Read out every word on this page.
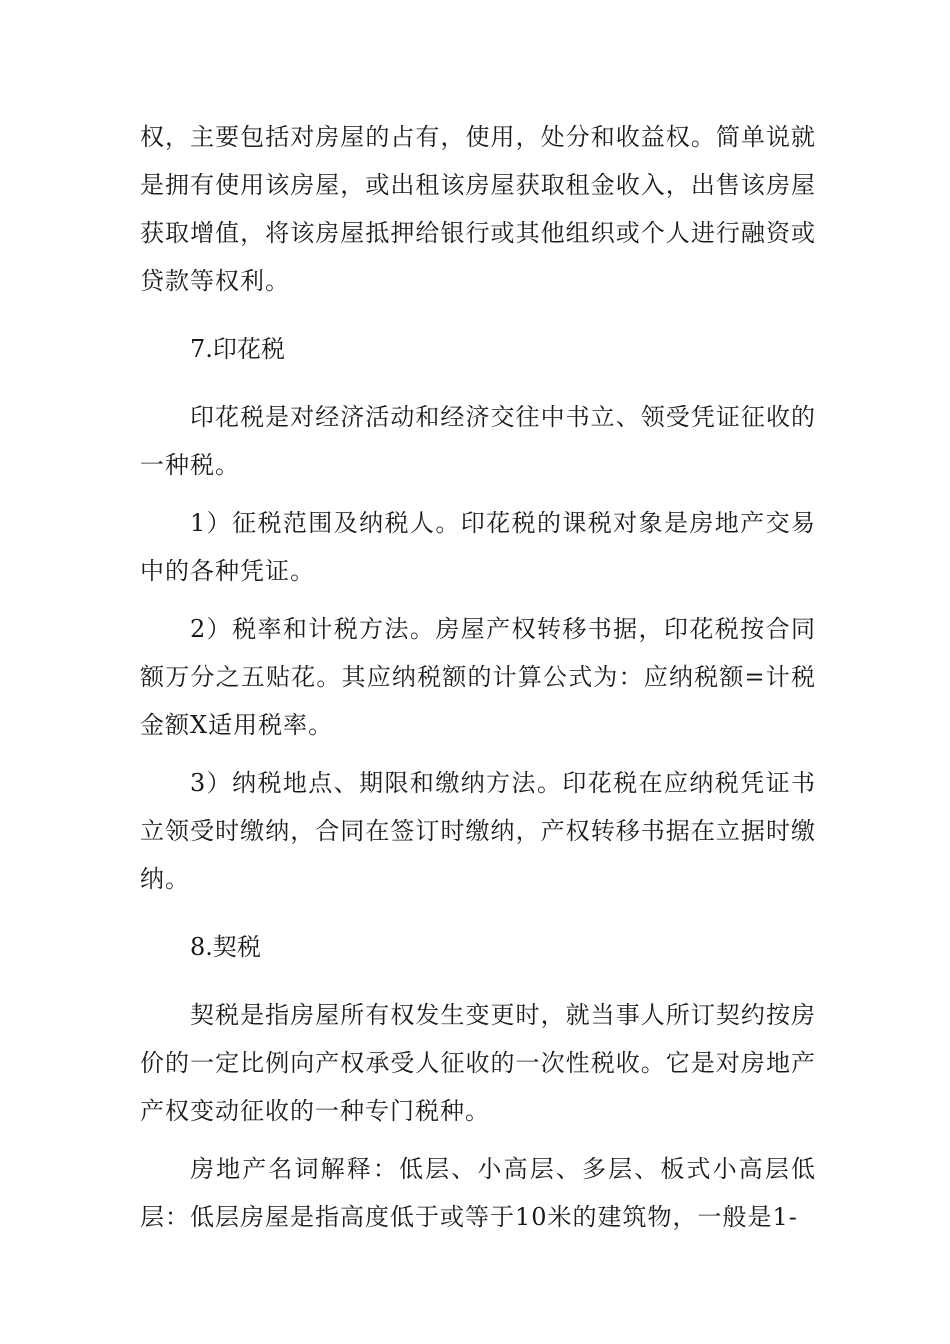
权，主要包括对房屋的占有，使用，处分和收益权。简单说就是拥有使用该房屋，或出租该房屋获取租金收入，出售该房屋获取增值，将该房屋抵押给银行或其他组织或个人进行融资或贷款等权利。

7.印花税

印花税是对经济活动和经济交往中书立、领受凭证征收的一种税。

1）征税范围及纳税人。印花税的课税对象是房地产交易中的各种凭证。

2）税率和计税方法。房屋产权转移书据，印花税按合同额万分之五贴花。其应纳税额的计算公式为：应纳税额=计税金额X适用税率。

3）纳税地点、期限和缴纳方法。印花税在应纳税凭证书立领受时缴纳，合同在签订时缴纳，产权转移书据在立据时缴纳。

8.契税

契税是指房屋所有权发生变更时，就当事人所订契约按房价的一定比例向产权承受人征收的一次性税收。它是对房地产产权变动征收的一种专门税种。

房地产名词解释：低层、小高层、多层、板式小高层低层：低层房屋是指高度低于或等于10米的建筑物，一般是1-
